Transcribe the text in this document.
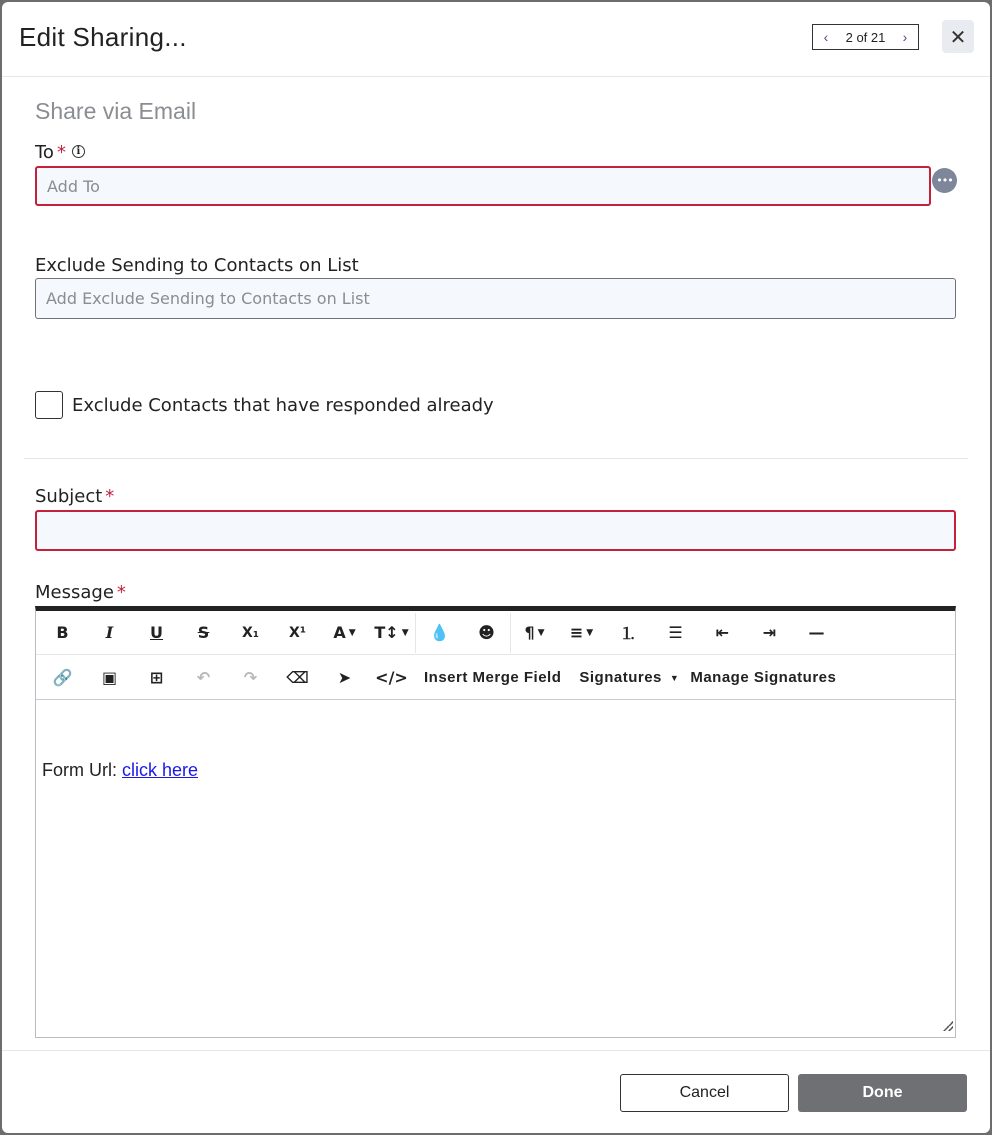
Edit Sharing...	‹	2 of 21	› ✕
Share via Email
To * i
Add To	•••
Exclude Sending to Contacts on List
Add Exclude Sending to Contacts on List
Exclude Contacts that have responded already
Subject *
Message *
B I U S X₁ X¹ A ▼ T↕ ▼ 💧 ☻ ¶ ▼ ≡ ▼ ⒈ ☰ ⇤ ⇥ —
🔗 ▣ ⊞ ↶ ↷ ⌫ ➤ </>	Insert Merge Field	Signatures ▼ Manage Signatures
Form Url: click here
Cancel	Done
